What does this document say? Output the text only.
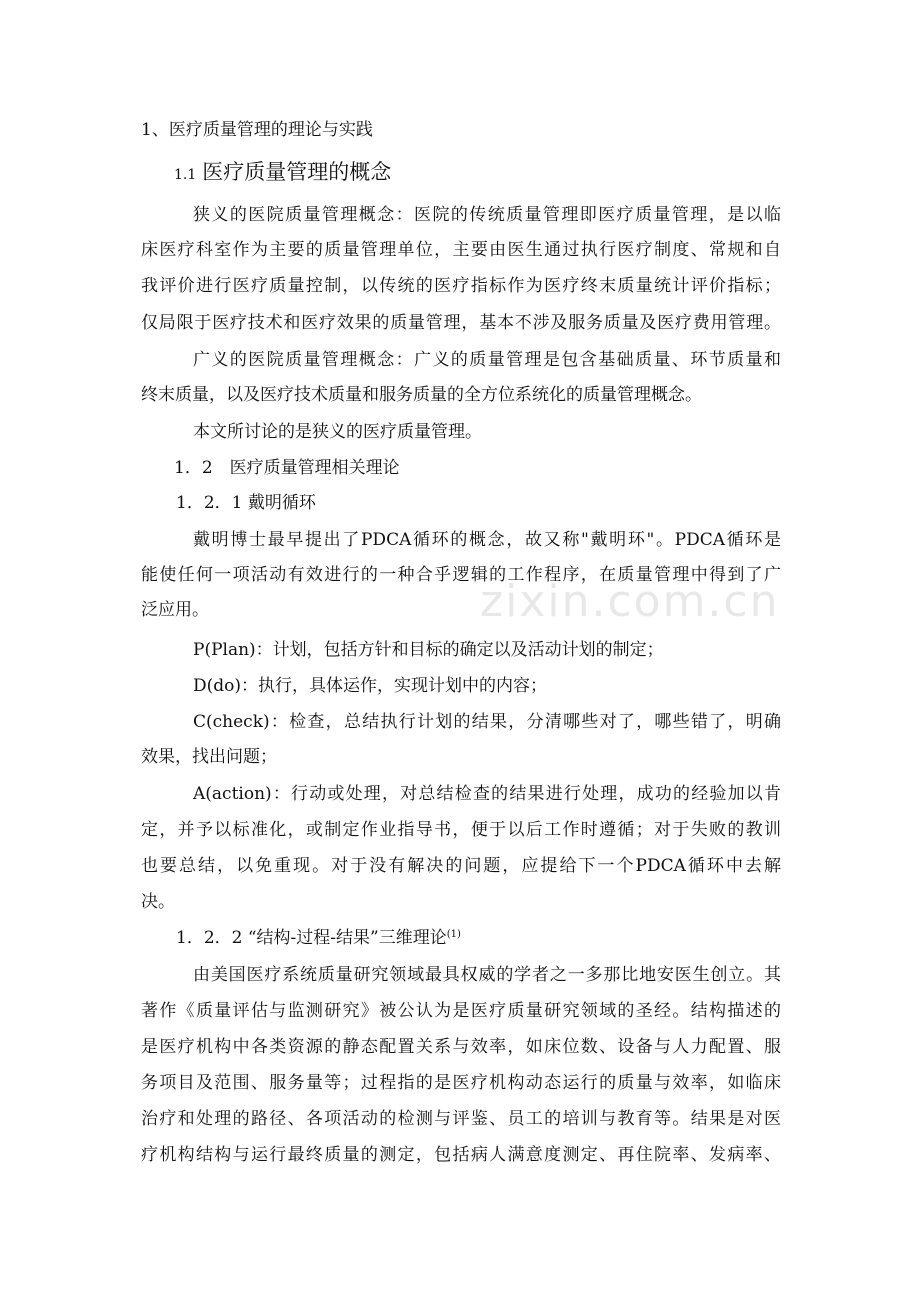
1、医疗质量管理的理论与实践
1.1 医疗质量管理的概念
狭义的医院质量管理概念：医院的传统质量管理即医疗质量管理，是以临
床医疗科室作为主要的质量管理单位，主要由医生通过执行医疗制度、常规和自
我评价进行医疗质量控制，以传统的医疗指标作为医疗终末质量统计评价指标；
仅局限于医疗技术和医疗效果的质量管理，基本不涉及服务质量及医疗费用管理。
广义的医院质量管理概念：广义的质量管理是包含基础质量、环节质量和
终末质量，以及医疗技术质量和服务质量的全方位系统化的质量管理概念。
本文所讨论的是狭义的医疗质量管理。
1．2　医疗质量管理相关理论
1．2．1 戴明循环
戴明博士最早提出了PDCA循环的概念，故又称"戴明环"。PDCA循环是
能使任何一项活动有效进行的一种合乎逻辑的工作程序，在质量管理中得到了广
泛应用。
P(Plan)：计划，包括方针和目标的确定以及活动计划的制定；
D(do)：执行，具体运作，实现计划中的内容；
C(check)：检查，总结执行计划的结果，分清哪些对了，哪些错了，明确
效果，找出问题；
A(action)：行动或处理，对总结检查的结果进行处理，成功的经验加以肯
定，并予以标准化，或制定作业指导书，便于以后工作时遵循；对于失败的教训
也要总结，以免重现。对于没有解决的问题，应提给下一个PDCA循环中去解
决。
1．2．2 “结构-过程-结果”三维理论$^{(1)}$
由美国医疗系统质量研究领域最具权威的学者之一多那比地安医生创立。其
著作《质量评估与监测研究》被公认为是医疗质量研究领域的圣经。结构描述的
是医疗机构中各类资源的静态配置关系与效率，如床位数、设备与人力配置、服
务项目及范围、服务量等；过程指的是医疗机构动态运行的质量与效率，如临床
治疗和处理的路径、各项活动的检测与评鉴、员工的培训与教育等。结果是对医
疗机构结构与运行最终质量的测定，包括病人满意度测定、再住院率、发病率、
zixin.com.cn
